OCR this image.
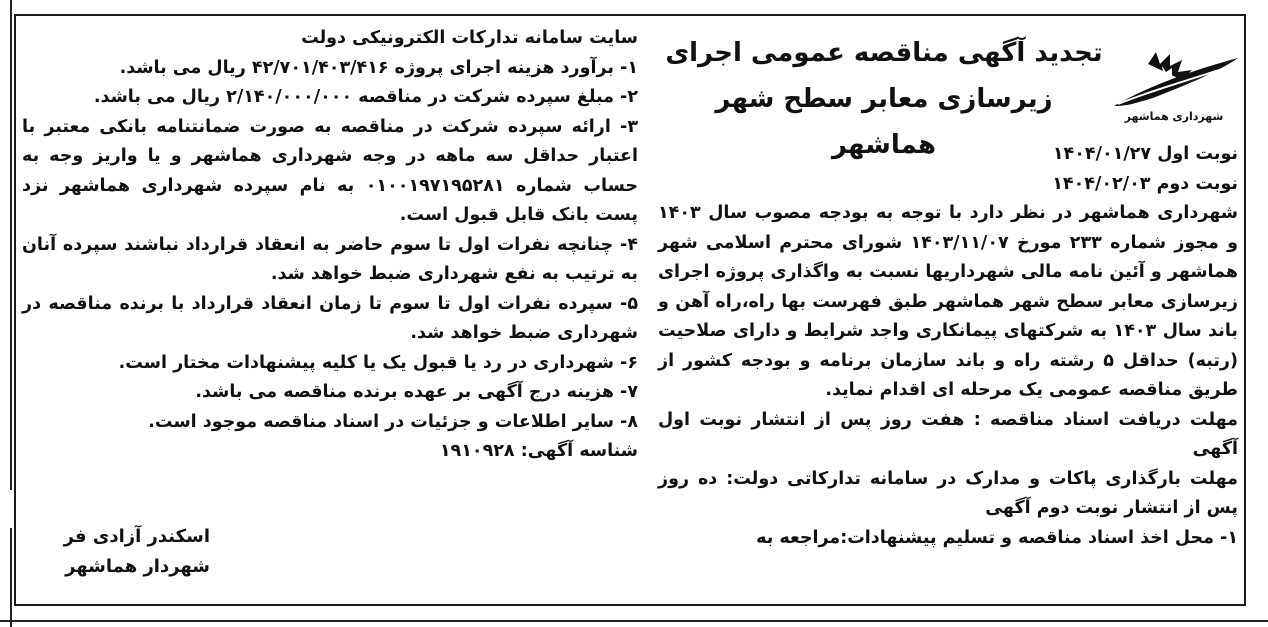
شهرداری هماشهر
تجدید آگهی مناقصه عمومی اجرای
زیرسازی معابر سطح شهر هماشهر	نوبت اول ۱۴۰۴/۰۱/۲۷
نوبت دوم ۱۴۰۴/۰۲/۰۳
شهرداری هماشهر در نظر دارد با توجه به بودجه مصوب سال ۱۴۰۳ و مجوز شماره ۲۳۳ مورخ ۱۴۰۳/۱۱/۰۷ شورای محترم اسلامی شهر هماشهر و آئین نامه مالی شهرداریها نسبت به واگذاری پروژه اجرای زیرسازی معابر سطح شهر هماشهر طبق فهرست بها راه،راه آهن و باند سال ۱۴۰۳ به شرکتهای پیمانکاری واجد شرایط و دارای صلاحیت (رتبه) حداقل ۵ رشته راه و باند سازمان برنامه و بودجه کشور از طریق مناقصه عمومی یک مرحله ای اقدام نماید.
مهلت دریافت اسناد مناقصه : هفت روز پس از انتشار نوبت اول آگهی
مهلت بارگذاری پاکات و مدارک در سامانه تدارکاتی دولت: ده روز پس از انتشار نوبت دوم آگهی
۱- محل اخذ اسناد مناقصه و تسلیم پیشنهادات:مراجعه به
سایت سامانه تدارکات الکترونیکی دولت
۱- برآورد هزینه اجرای پروژه ۴۲/۷۰۱/۴۰۳/۴۱۶ ریال می باشد.
۲- مبلغ سپرده شرکت در مناقصه ۲/۱۴۰/۰۰۰/۰۰۰ ریال می باشد.
۳- ارائه سپرده شرکت در مناقصه به صورت ضمانتنامه بانکی معتبر با اعتبار حداقل سه ماهه در وجه شهرداری هماشهر و یا واریز وجه به حساب شماره ۰۱۰۰۱۹۷۱۹۵۲۸۱ به نام سپرده شهرداری هماشهر نزد پست بانک قابل قبول است.
۴- چنانچه نفرات اول تا سوم حاضر به انعقاد قرارداد نباشند سپرده آنان به ترتیب به نفع شهرداری ضبط خواهد شد.
۵- سپرده نفرات اول تا سوم تا زمان انعقاد قرارداد با برنده مناقصه در شهرداری ضبط خواهد شد.
۶- شهرداری در رد یا قبول یک یا کلیه پیشنهادات مختار است.
۷- هزینه درج آگهی بر عهده برنده مناقصه می باشد.
۸- سایر اطلاعات و جزئیات در اسناد مناقصه موجود است.
شناسه آگهی: ۱۹۱۰۹۲۸
اسکندر آزادی فر
شهردار هماشهر
